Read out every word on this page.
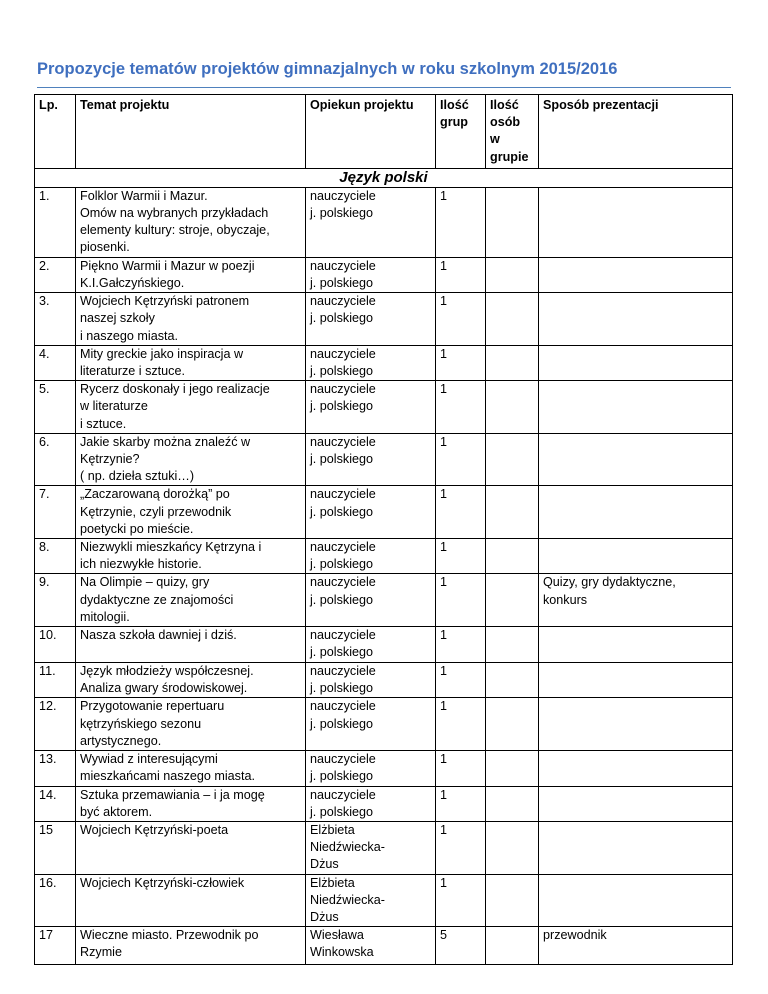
Propozycje tematów projektów gimnazjalnych w roku szkolnym 2015/2016
Lp.	Temat projektu	Opiekun projektu	Ilość
grup	Ilość
osób
w
grupie	Sposób prezentacji
Język polski					
1.	Folklor Warmii i Mazur.
Omów na wybranych przykładach
elementy kultury: stroje, obyczaje,
piosenki.	nauczyciele
j. polskiego	1		
2.	Piękno Warmii i Mazur w poezji
K.I.Gałczyńskiego.	nauczyciele
j. polskiego	1		
3.	Wojciech Kętrzyński patronem
naszej szkoły
i naszego miasta.	nauczyciele
j. polskiego	1		
4.	Mity greckie jako inspiracja w
literaturze i sztuce.	nauczyciele
j. polskiego	1		
5.	Rycerz doskonały i jego realizacje
w literaturze
i sztuce.	nauczyciele
j. polskiego	1		
6.	Jakie skarby można znaleźć w
Kętrzynie?
( np. dzieła sztuki…)	nauczyciele
j. polskiego	1		
7.	„Zaczarowaną dorożką” po
Kętrzynie, czyli przewodnik
poetycki po mieście.	nauczyciele
j. polskiego	1		
8.	Niezwykli mieszkańcy Kętrzyna i
ich niezwykłe historie.	nauczyciele
j. polskiego	1		
9.	Na Olimpie – quizy, gry
dydaktyczne ze znajomości
mitologii.	nauczyciele
j. polskiego	1		Quizy, gry dydaktyczne,
konkurs
10.	Nasza szkoła dawniej i dziś.	nauczyciele
j. polskiego	1		
11.	Język młodzieży współczesnej.
Analiza gwary środowiskowej.	nauczyciele
j. polskiego	1		
12.	Przygotowanie repertuaru
kętrzyńskiego sezonu
artystycznego.	nauczyciele
j. polskiego	1		
13.	Wywiad z interesującymi
mieszkańcami naszego miasta.	nauczyciele
j. polskiego	1		
14.	Sztuka przemawiania – i ja mogę
być aktorem.	nauczyciele
j. polskiego	1		
15	Wojciech Kętrzyński-poeta	Elżbieta
Niedźwiecka-
Dżus	1		
16.	Wojciech Kętrzyński-człowiek	Elżbieta
Niedźwiecka-
Dżus	1		
17	Wieczne miasto. Przewodnik po
Rzymie	Wiesława
Winkowska	5		przewodnik
